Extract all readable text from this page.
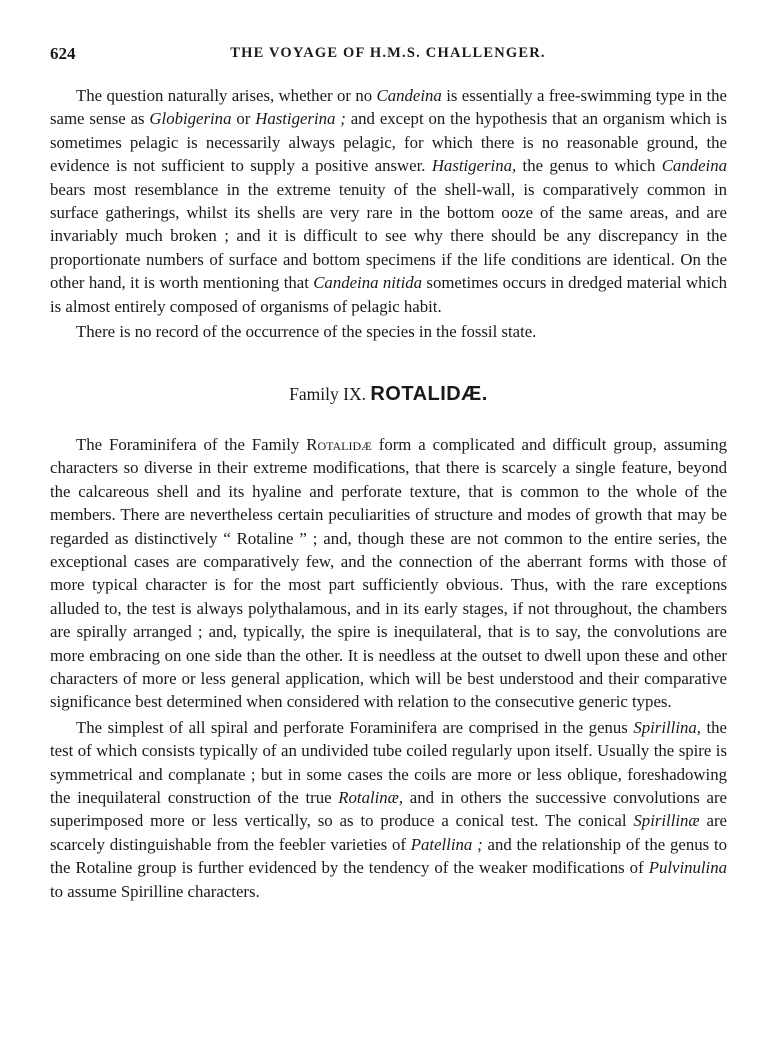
624	THE VOYAGE OF H.M.S. CHALLENGER.

The question naturally arises, whether or no Candeina is essentially a free-swimming type in the same sense as Globigerina or Hastigerina ; and except on the hypothesis that an organism which is sometimes pelagic is necessarily always pelagic, for which there is no reasonable ground, the evidence is not sufficient to supply a positive answer. Hastigerina, the genus to which Candeina bears most resemblance in the extreme tenuity of the shell-wall, is comparatively common in surface gatherings, whilst its shells are very rare in the bottom ooze of the same areas, and are invariably much broken ; and it is difficult to see why there should be any discrepancy in the proportionate numbers of surface and bottom specimens if the life conditions are identical. On the other hand, it is worth mentioning that Candeina nitida sometimes occurs in dredged material which is almost entirely composed of organisms of pelagic habit.

There is no record of the occurrence of the species in the fossil state.

Family IX. ROTALIDÆ.

The Foraminifera of the Family Rotalidæ form a complicated and difficult group, assuming characters so diverse in their extreme modifications, that there is scarcely a single feature, beyond the calcareous shell and its hyaline and perforate texture, that is common to the whole of the members. There are nevertheless certain peculiarities of structure and modes of growth that may be regarded as distinctively “ Rotaline ” ; and, though these are not common to the entire series, the exceptional cases are comparatively few, and the connection of the aberrant forms with those of more typical character is for the most part sufficiently obvious. Thus, with the rare exceptions alluded to, the test is always polythalamous, and in its early stages, if not throughout, the chambers are spirally arranged ; and, typically, the spire is inequilateral, that is to say, the convolutions are more embracing on one side than the other. It is needless at the outset to dwell upon these and other characters of more or less general application, which will be best understood and their comparative significance best determined when considered with relation to the consecutive generic types.

The simplest of all spiral and perforate Foraminifera are comprised in the genus Spirillina, the test of which consists typically of an undivided tube coiled regularly upon itself. Usually the spire is symmetrical and complanate ; but in some cases the coils are more or less oblique, foreshadowing the inequilateral construction of the true Rotalinæ, and in others the successive convolutions are superimposed more or less vertically, so as to produce a conical test. The conical Spirillinæ are scarcely distinguishable from the feebler varieties of Patellina ; and the relationship of the genus to the Rotaline group is further evidenced by the tendency of the weaker modifications of Pulvinulina to assume Spirilline characters.
